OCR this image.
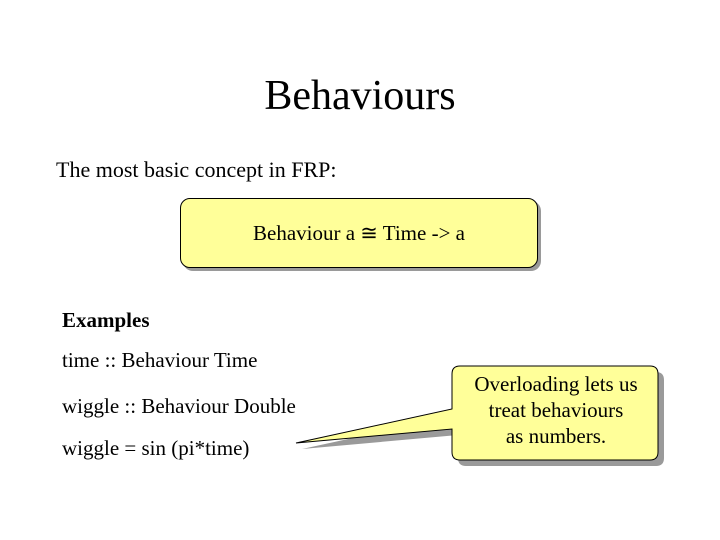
Behaviours
The most basic concept in FRP:
Behaviour a ≅ Time -> a
Examples
time :: Behaviour Time
wiggle :: Behaviour Double
wiggle = sin (pi*time)
Overloading lets us
treat behaviours
as numbers.
